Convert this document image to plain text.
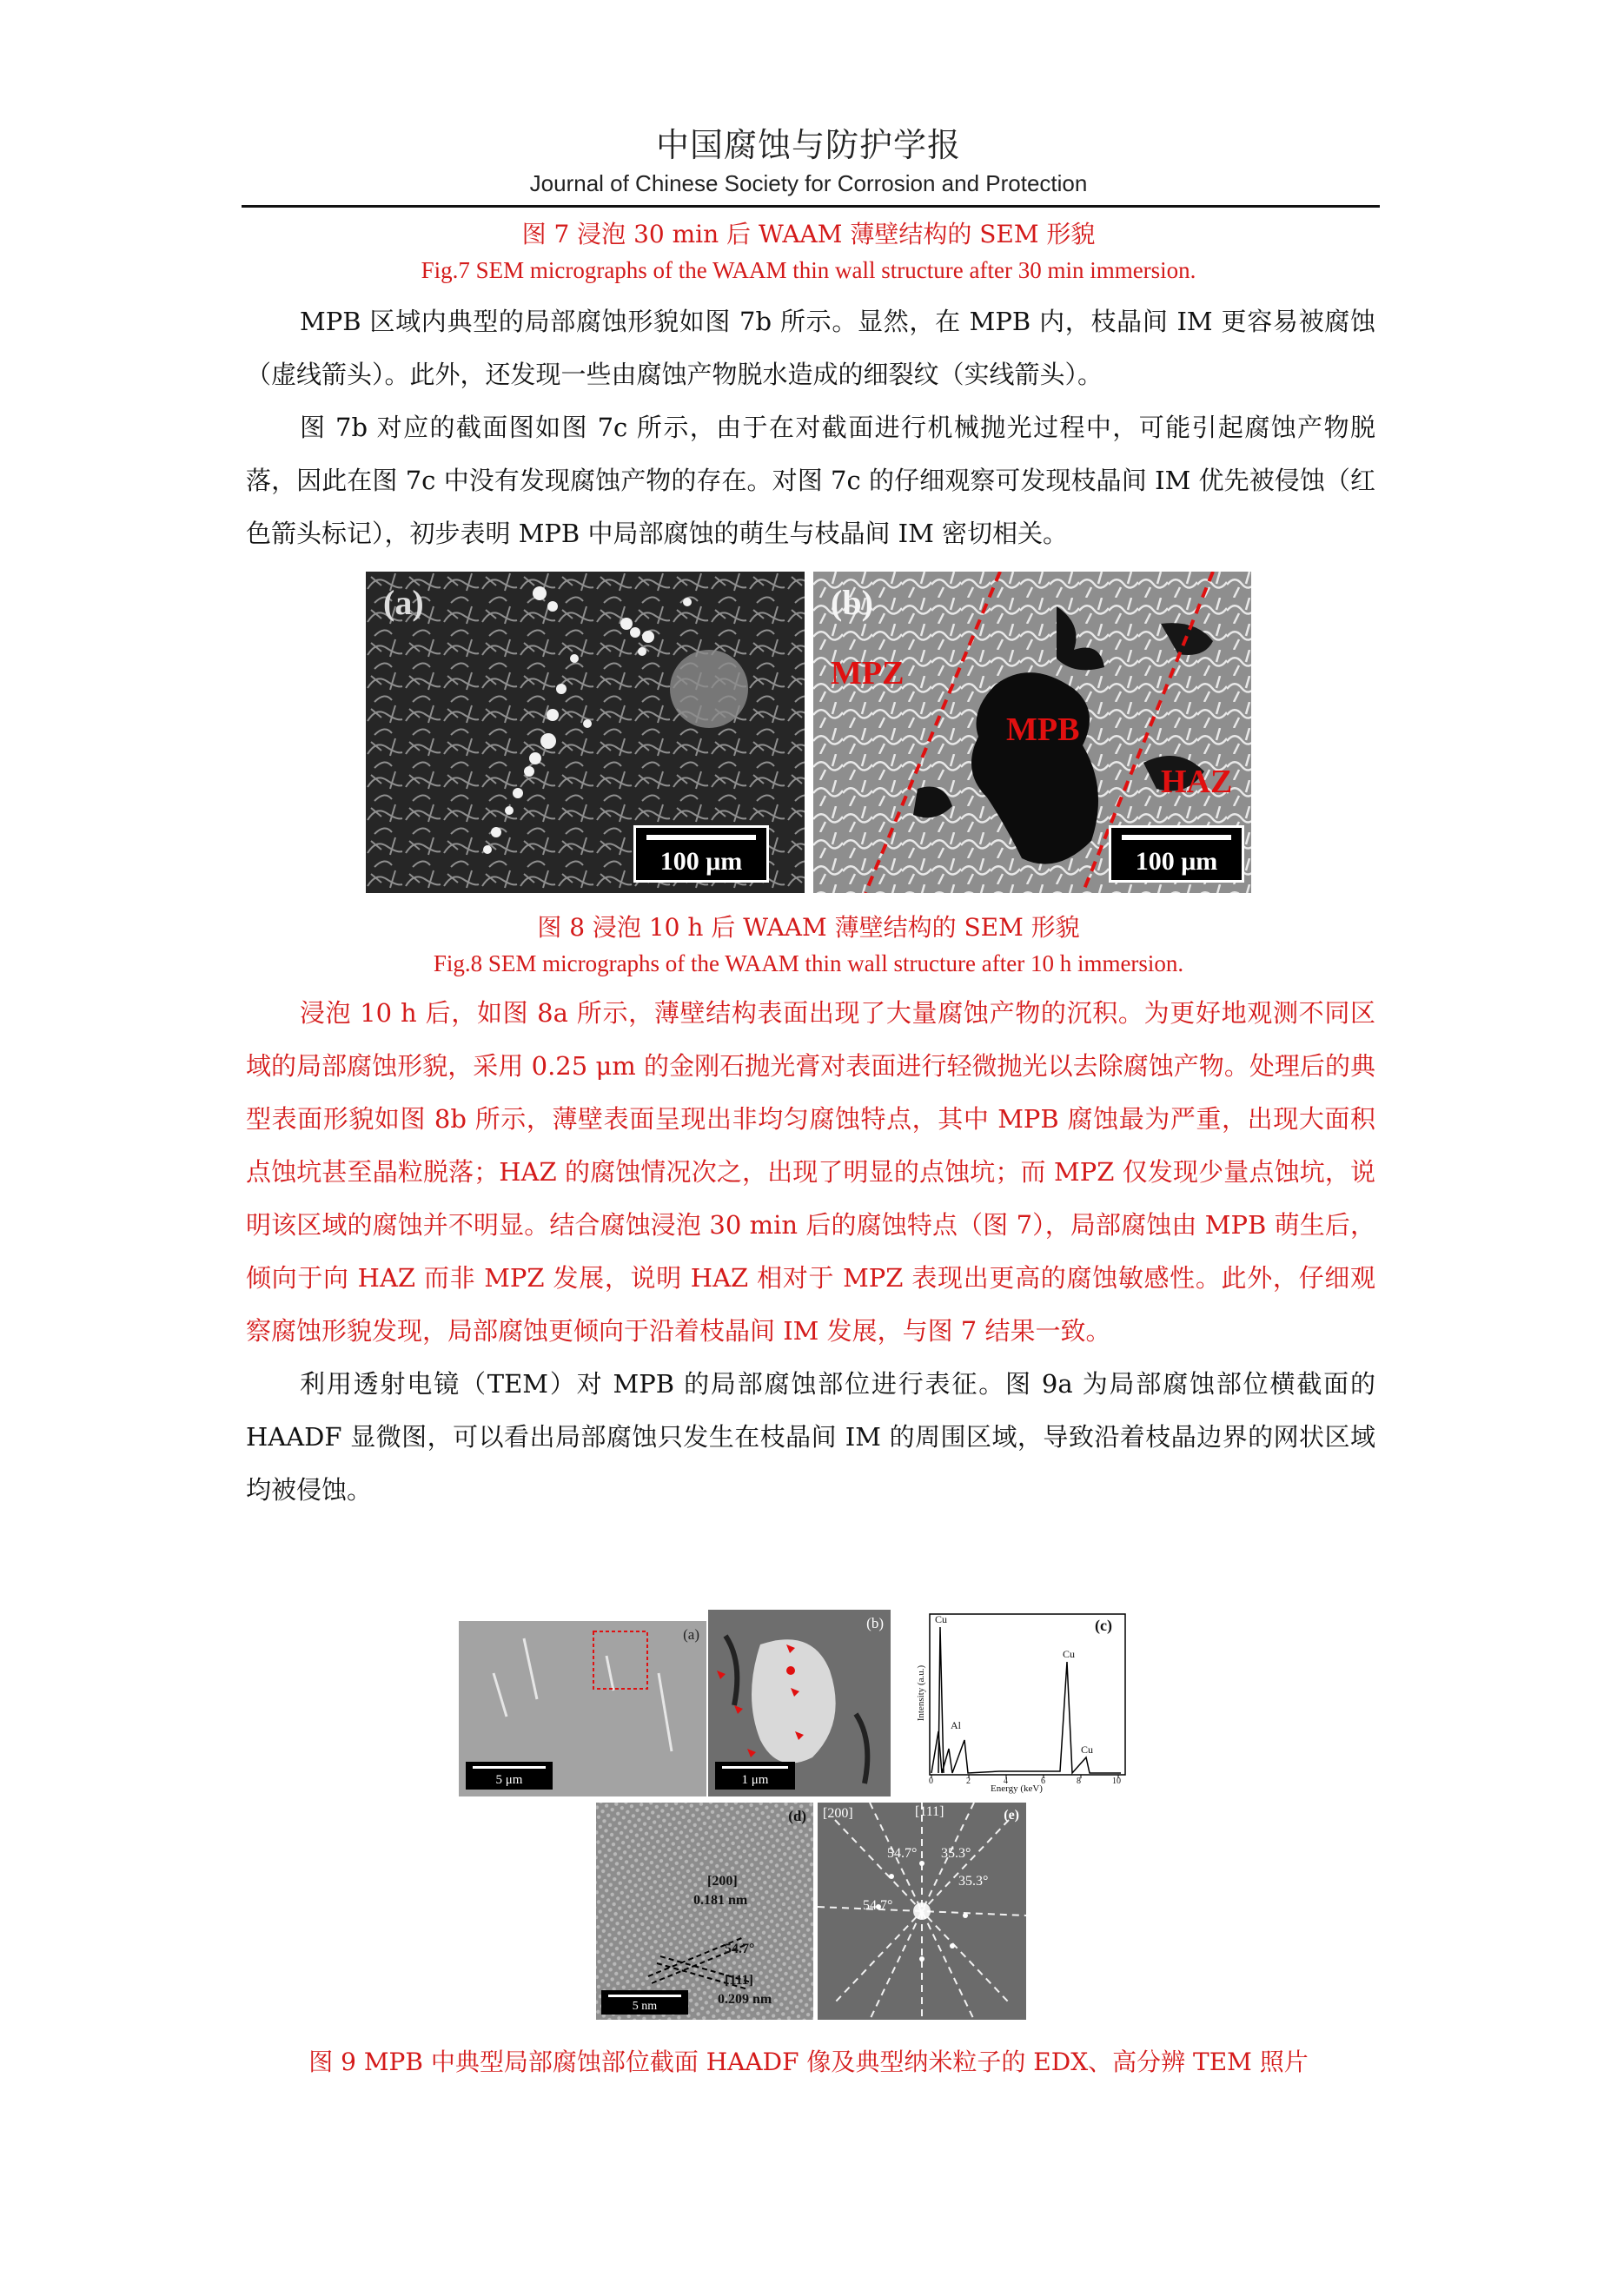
中国腐蚀与防护学报
Journal of Chinese Society for Corrosion and Protection
图 7 浸泡 30 min 后 WAAM 薄壁结构的 SEM 形貌
Fig.7 SEM micrographs of the WAAM thin wall structure after 30 min immersion.

MPB 区域内典型的局部腐蚀形貌如图 7b 所示。显然，在 MPB 内，枝晶间 IM 更容易被腐蚀（虚线箭头）。此外，还发现一些由腐蚀产物脱水造成的细裂纹（实线箭头）。

图 7b 对应的截面图如图 7c 所示，由于在对截面进行机械抛光过程中，可能引起腐蚀产物脱落，因此在图 7c 中没有发现腐蚀产物的存在。对图 7c 的仔细观察可发现枝晶间 IM 优先被侵蚀（红色箭头标记），初步表明 MPB 中局部腐蚀的萌生与枝晶间 IM 密切相关。

(a)
100 μm
(b)
MPZ
MPB
HAZ
100 μm
图 8 浸泡 10 h 后 WAAM 薄壁结构的 SEM 形貌
Fig.8 SEM micrographs of the WAAM thin wall structure after 10 h immersion.

浸泡 10 h 后，如图 8a 所示，薄壁结构表面出现了大量腐蚀产物的沉积。为更好地观测不同区域的局部腐蚀形貌，采用 0.25 μm 的金刚石抛光膏对表面进行轻微抛光以去除腐蚀产物。处理后的典型表面形貌如图 8b 所示，薄壁表面呈现出非均匀腐蚀特点，其中 MPB 腐蚀最为严重，出现大面积点蚀坑甚至晶粒脱落；HAZ 的腐蚀情况次之，出现了明显的点蚀坑；而 MPZ 仅发现少量点蚀坑，说明该区域的腐蚀并不明显。结合腐蚀浸泡 30 min 后的腐蚀特点（图 7），局部腐蚀由 MPB 萌生后，倾向于向 HAZ 而非 MPZ 发展，说明 HAZ 相对于 MPZ 表现出更高的腐蚀敏感性。此外，仔细观察腐蚀形貌发现，局部腐蚀更倾向于沿着枝晶间 IM 发展，与图 7 结果一致。

利用透射电镜（TEM）对 MPB 的局部腐蚀部位进行表征。图 9a 为局部腐蚀部位横截面的 HAADF 显微图，可以看出局部腐蚀只发生在枝晶间 IM 的周围区域，导致沿着枝晶边界的网状区域均被侵蚀。

(a)
5 μm
(b)
1 μm
(c)
Cu
Cu
Cu
Al
Intensity (a.u.)
Energy (keV)
0	2	4	6	8	10
(d)
[200]
0.181 nm
54.7°
[111]
0.209 nm
5 nm
[200]	[111]	(e)
54.7° 35.3°
35.3°
54.7°
图 9 MPB 中典型局部腐蚀部位截面 HAADF 像及典型纳米粒子的 EDX、高分辨 TEM 照片
